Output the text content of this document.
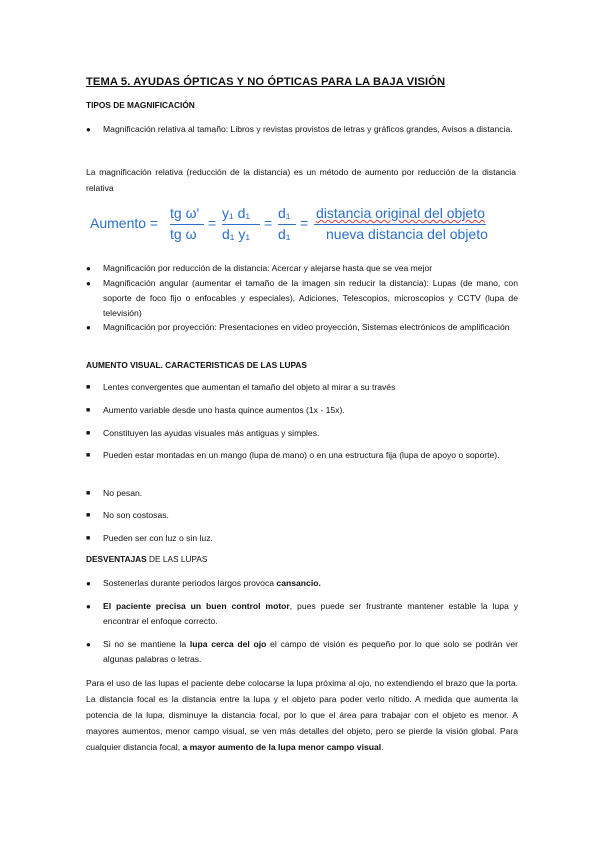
TEMA 5. AYUDAS ÓPTICAS Y NO ÓPTICAS PARA LA BAJA VISIÓN
TIPOS DE MAGNIFICACIÓN
●	Magnificación relativa al tamaño: Libros y revistas provistos de letras y gráficos grandes, Avisos a distancia.
La magnificación relativa (reducción de la distancia) es un método de aumento por reducción de la distancia relativa
Aumento =
tg ω'
tg ω
=
y₁ d₁
d₁ y₁
=
d₁
d₁
=
distancia original del objeto
nueva distancia del objeto
●	Magnificación por reducción de la distancia: Acercar y alejarse hasta que se vea mejor
●	Magnificación angular (aumentar el tamaño de la imagen sin reducir la distancia): Lupas (de mano, con soporte de foco fijo o enfocables y especiales), Adiciones, Telescopios, microscopios y CCTV (lupa de televisión)
●	Magnificación por proyección: Presentaciones en video proyección, Sistemas electrónicos de amplificación
AUMENTO VISUAL. CARACTERISTICAS DE LAS LUPAS
■	Lentes convergentes que aumentan el tamaño del objeto al mirar a su través
■	Aumento variable desde uno hasta quince aumentos (1x - 15x).
■	Constituyen las ayudas visuales más antiguas y simples.
■	Pueden estar montadas en un mango (lupa de mano) o en una estructura fija (lupa de apoyo o soporte).
■	No pesan.
■	No son costosas.
■	Pueden ser con luz o sin luz.
DESVENTAJAS DE LAS LUPAS
●	Sostenerlas durante periodos largos provoca cansancio.
●	El paciente precisa un buen control motor, pues puede ser frustrante mantener estable la lupa y encontrar el enfoque correcto.
●	Si no se mantiene la lupa cerca del ojo el campo de visión es pequeño por lo que solo se podrán ver algunas palabras o letras.
Para el uso de las lupas el paciente debe colocarse la lupa próxima al ojo, no extendiendo el brazo que la porta. La distancia focal es la distancia entre la lupa y el objeto para poder verlo nítido. A medida que aumenta la potencia de la lupa, disminuye la distancia focal, por lo que el área para trabajar con el objeto es menor. A mayores aumentos, menor campo visual, se ven más detalles del objeto, pero se pierde la visión global. Para cualquier distancia focal, a mayor aumento de la lupa menor campo visual.
